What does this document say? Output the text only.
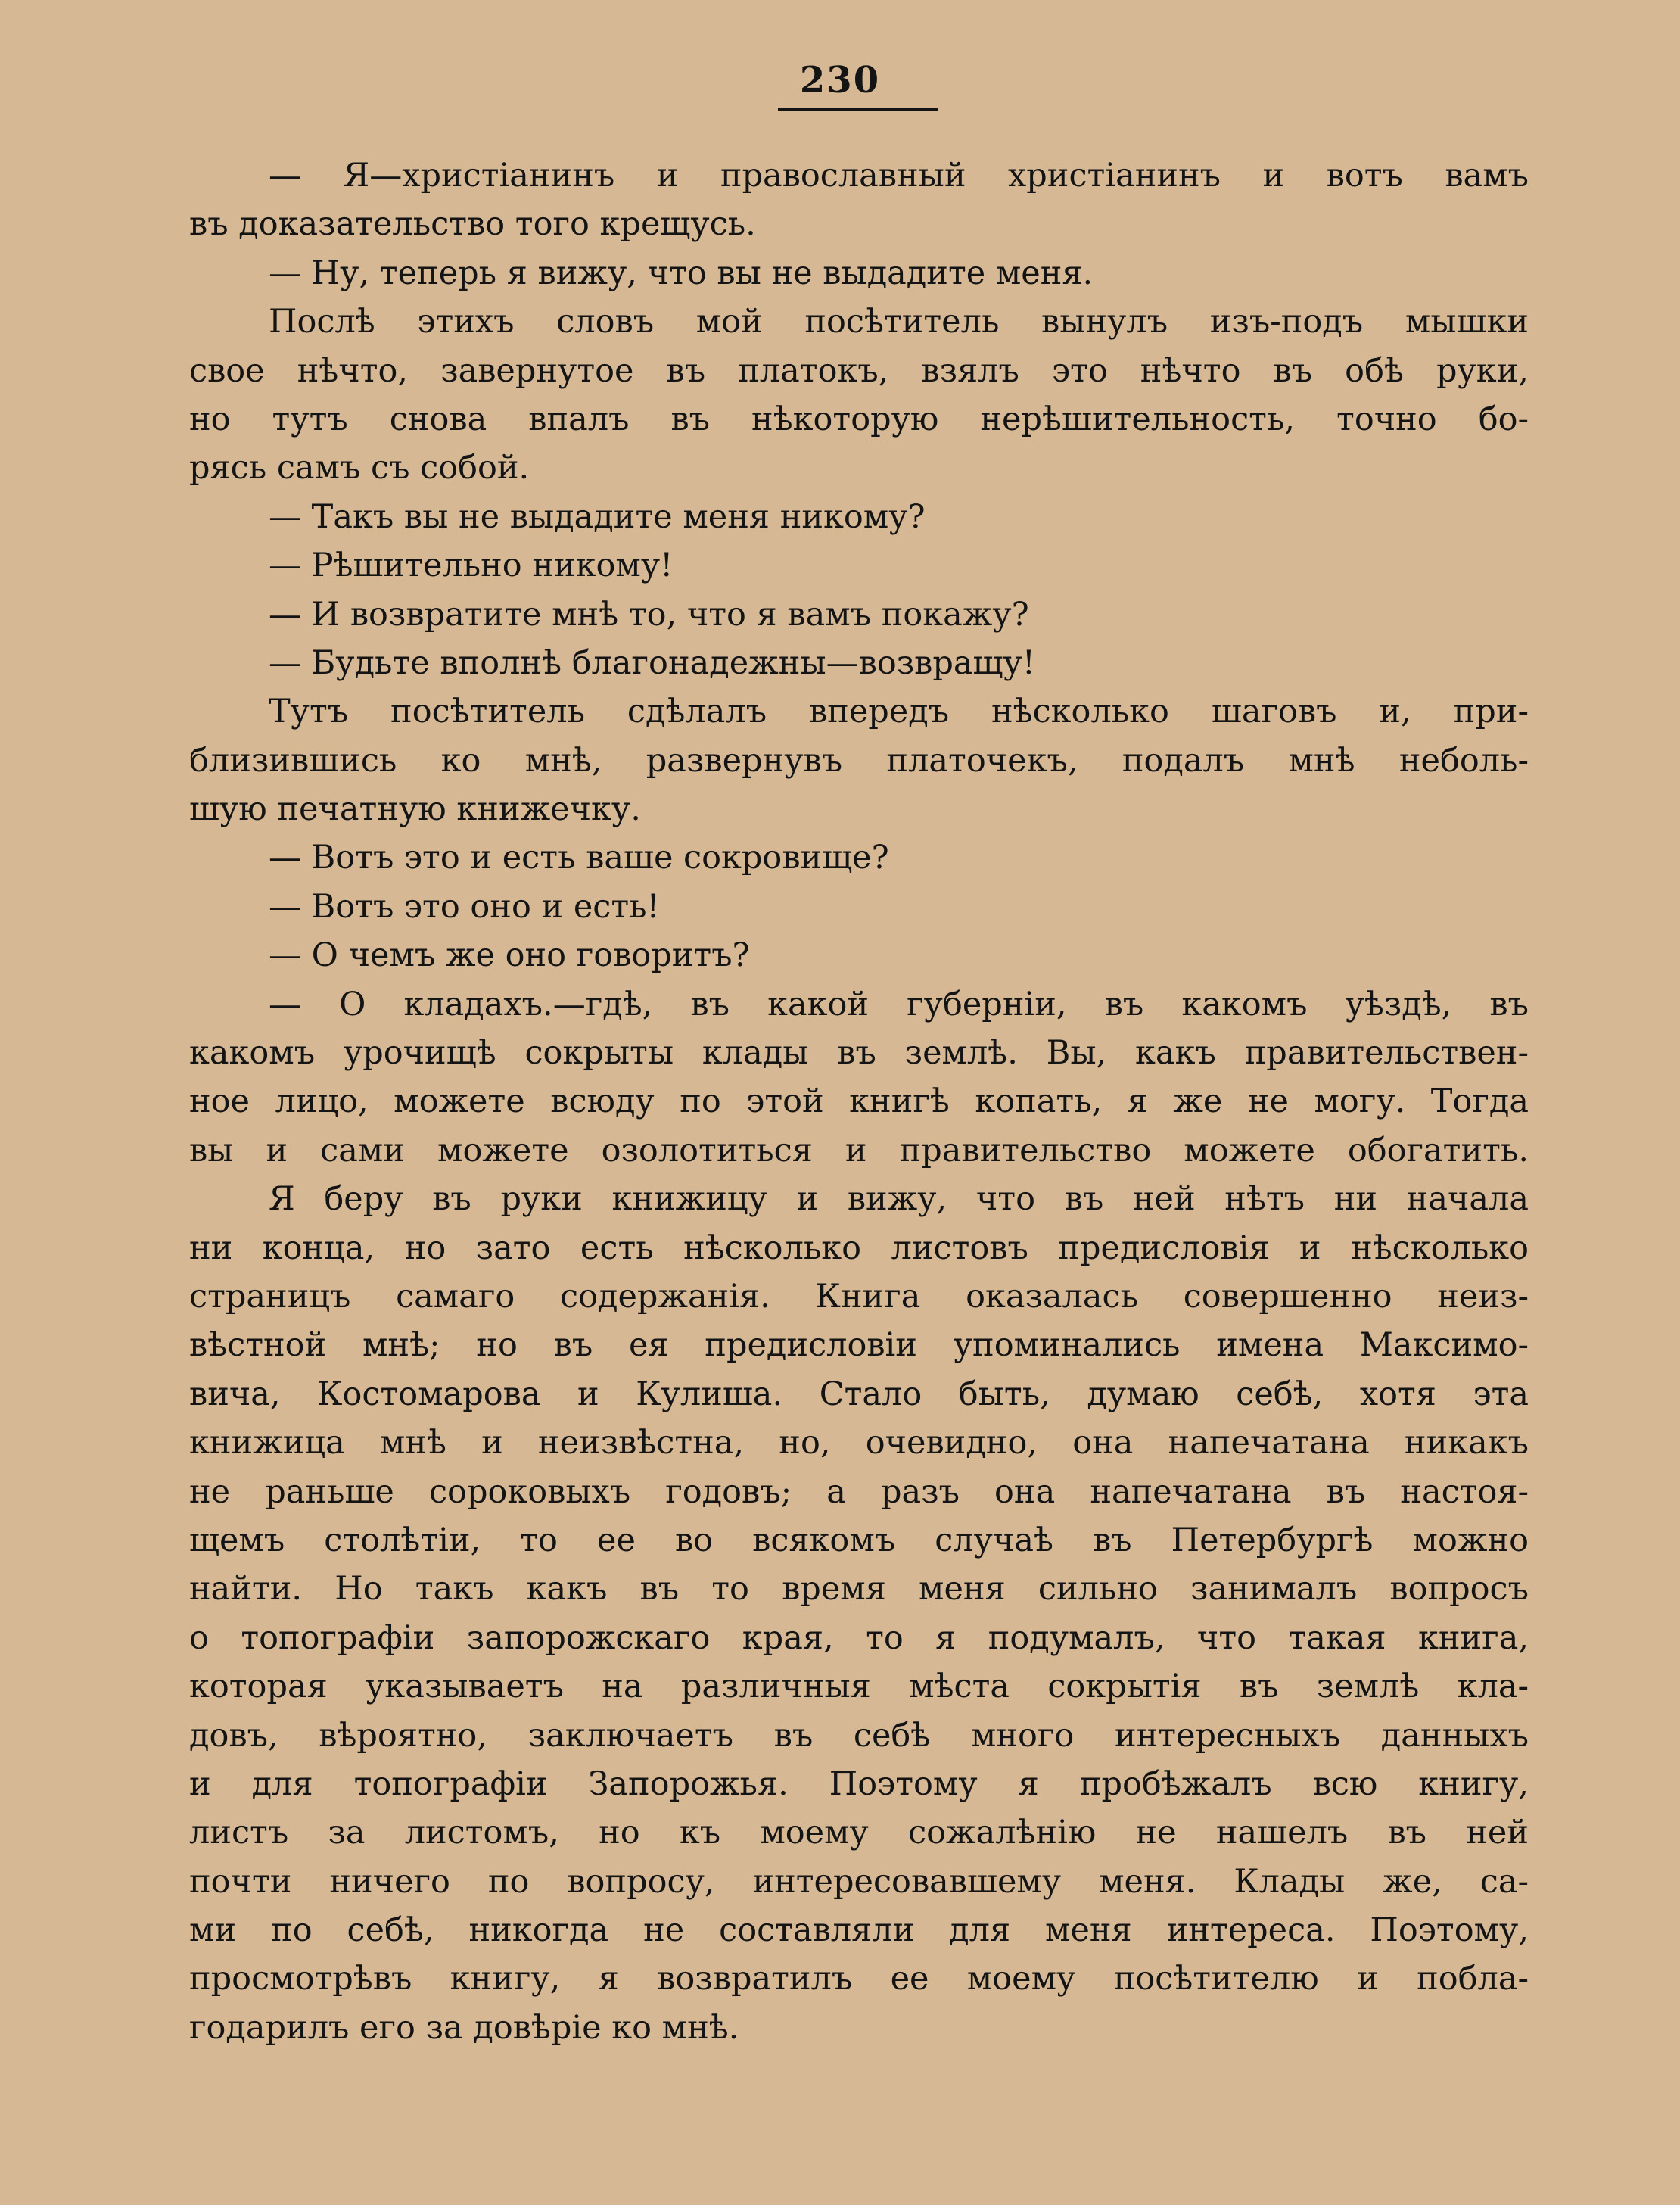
230
— Я—христіанинъ и православный христіанинъ и вотъ вамъ
въ доказательство того крещусь.
— Ну, теперь я вижу, что вы не выдадите меня.
Послѣ этихъ словъ мой посѣтитель вынулъ изъ-подъ мышки
свое нѣчто, завернутое въ платокъ, взялъ это нѣчто въ обѣ руки,
но тутъ снова впалъ въ нѣкоторую нерѣшительность, точно бо-
рясь самъ съ собой.
— Такъ вы не выдадите меня никому?
— Рѣшительно никому!
— И возвратите мнѣ то, что я вамъ покажу?
— Будьте вполнѣ благонадежны—возвращу!
Тутъ посѣтитель сдѣлалъ впередъ нѣсколько шаговъ и, при-
близившись ко мнѣ, развернувъ платочекъ, подалъ мнѣ неболь-
шую печатную книжечку.
— Вотъ это и есть ваше сокровище?
— Вотъ это оно и есть!
— О чемъ же оно говоритъ?
— О кладахъ.—гдѣ, въ какой губерніи, въ какомъ уѣздѣ, въ
какомъ урочищѣ сокрыты клады въ землѣ. Вы, какъ правительствен-
ное лицо, можете всюду по этой книгѣ копать, я же не могу. Тогда
вы и сами можете озолотиться и правительство можете обогатить.
Я беру въ руки книжицу и вижу, что въ ней нѣтъ ни начала
ни конца, но зато есть нѣсколько листовъ предисловія и нѣсколько
страницъ самаго содержанія. Книга оказалась совершенно неиз-
вѣстной мнѣ; но въ ея предисловіи упоминались имена Максимо-
вича, Костомарова и Кулиша. Стало быть, думаю себѣ, хотя эта
книжица мнѣ и неизвѣстна, но, очевидно, она напечатана никакъ
не раньше сороковыхъ годовъ; а разъ она напечатана въ настоя-
щемъ столѣтіи, то ее во всякомъ случаѣ въ Петербургѣ можно
найти. Но такъ какъ въ то время меня сильно занималъ вопросъ
о топографіи запорожскаго края, то я подумалъ, что такая книга,
которая указываетъ на различныя мѣста сокрытія въ землѣ кла-
довъ, вѣроятно, заключаетъ въ себѣ много интересныхъ данныхъ
и для топографіи Запорожья. Поэтому я пробѣжалъ всю книгу,
листъ за листомъ, но къ моему сожалѣнію не нашелъ въ ней
почти ничего по вопросу, интересовавшему меня. Клады же, са-
ми по себѣ, никогда не составляли для меня интереса. Поэтому,
просмотрѣвъ книгу, я возвратилъ ее моему посѣтителю и побла-
годарилъ его за довѣріе ко мнѣ.
